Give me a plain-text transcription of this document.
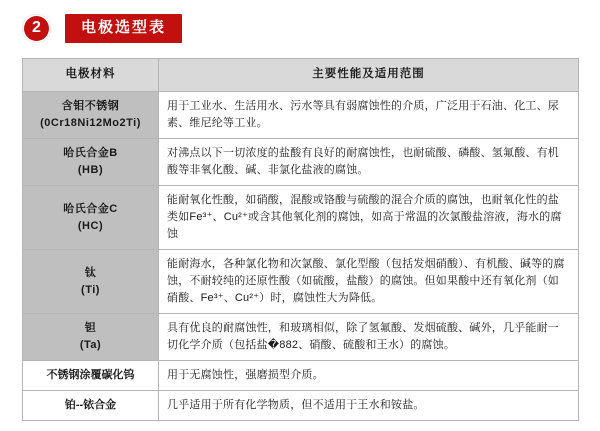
2	电极选型表
电极材料	主要性能及适用范围

含钼不锈钢
(0Cr18Ni12Mo2Ti)	用于工业水、生活用水、污水等具有弱腐蚀性的介质，广泛用于石油、化工、尿素、维尼纶等工业。

哈氏合金B
(HB)	对沸点以下一切浓度的盐酸有良好的耐腐蚀性，也耐硫酸、磷酸、氢氟酸、有机酸等非氧化酸、碱、非氯化盐液的腐蚀。

哈氏合金C
(HC)	能耐氧化性酸，如硝酸，混酸或铬酸与硫酸的混合介质的腐蚀，也耐氧化性的盐类如Fe³⁺、Cu²⁺或含其他氧化剂的腐蚀，如高于常温的次氯酸盐溶液，海水的腐蚀

钛
(Ti)	能耐海水，各种氯化物和次氯酸、氯化型酸（包括发烟硝酸）、有机酸、碱等的腐蚀，不耐较纯的还原性酸（如硫酸，盐酸）的腐蚀。但如果酸中还有氧化剂（如硝酸、Fe³⁺、Cu²⁺）时，腐蚀性大为降低。

钽
(Ta)	具有优良的耐腐蚀性，和玻璃相似，除了氢氟酸、发烟硫酸、碱外，几乎能耐一切化学介质（包括盐�882、硝酸、硫酸和王水）的腐蚀。

不锈钢涂覆碳化钨	用于无腐蚀性，强磨损型介质。

铂--铱合金	几乎适用于所有化学物质，但不适用于王水和铵盐。
